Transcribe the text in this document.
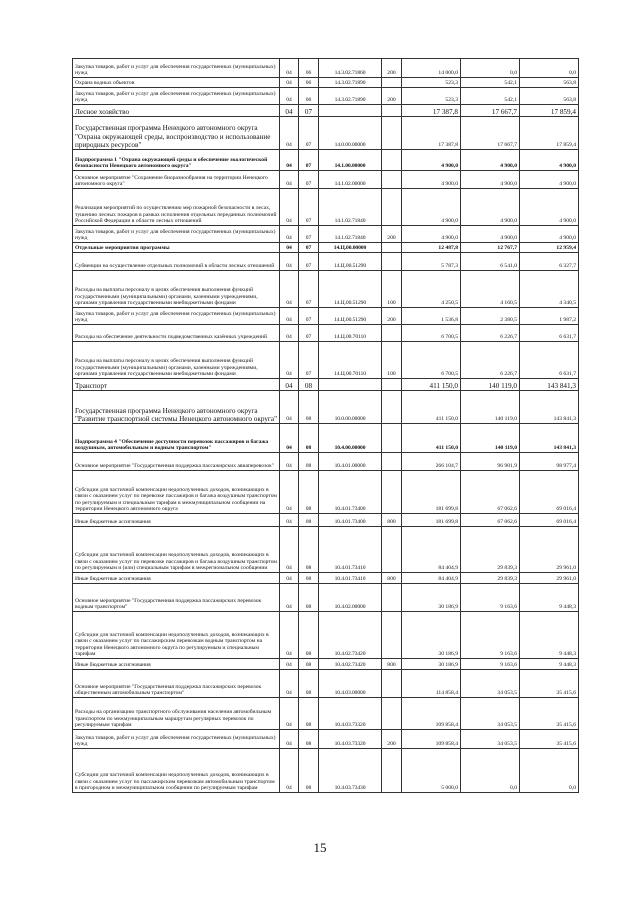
Закупка товаров, работ и услуг для обеспечения государственных (муниципальных) нужд	04	06	14.3.02.71860	200	14 000,0	0,0	0,0
Охрана водных объектов	04	06	14.3.02.71890		523,3	542,1	563,8
Закупка товаров, работ и услуг для обеспечения государственных (муниципальных) нужд	04	06	14.3.02.71890	200	523,3	542,1	563,8
Лесное хозяйство	04	07			17 387,8	17 667,7	17 859,4
Государственная программа Ненецкого автономного округа "Охрана окружающей среды, воспроизводство и использование природных ресурсов"	04	07	14.0.00.00000		17 387,8	17 667,7	17 859,4
Подпрограмма 1 "Охрана окружающей среды и обеспечение экологической безопасности Ненецкого автономного округа"	04	07	14.1.00.00000		4 900,0	4 900,0	4 900,0
Основное мероприятие "Сохранение биоразнообрания на территории Ненецкого автономного округа"	04	07	14.1.02.00000		4 900,0	4 900,0	4 900,0
Реализация мероприятий по осуществлению мер пожарной безопасности в лесах, тушению лесных пожаров в рамках исполнения отдельных переданных полномочий Российской Федерации в области лесных отношений	04	07	14.1.02.71840		4 900,0	4 900,0	4 900,0
Закупка товаров, работ и услуг для обеспечения государственных (муниципальных) нужд	04	07	14.1.02.71840	200	4 900,0	4 900,0	4 900,0
Отдельные мероприятия программы	04	07	14.Ц.00.00000		12 487,8	12 767,7	12 959,4
Субвенции на осуществление отдельных полномочий в области лесных отношений	04	07	14.Ц.00.51290		5 787,3	6 541,0	6 327,7
Расходы на выплаты персоналу в целях обеспечения выполнения функций государственными (муниципальными) органами, казенными учреждениями, органами управления государственными внебюджетными фондами	04	07	14.Ц.00.51290	100	4 250,5	4 160,5	4 340,5
Закупка товаров, работ и услуг для обеспечения государственных (муниципальных) нужд	04	07	14.Ц.00.51290	200	1 536,8	2 380,5	1 987,2
Расходы на обеспечение деятельности подведомственных казённых учреждений	04	07	14.Ц.00.70110		6 700,5	6 226,7	6 631,7
Расходы на выплаты персоналу в целях обеспечения выполнения функций государственными (муниципальными) органами, казенными учреждениями, органами управления государственными внебюджетными фондами	04	07	14.Ц.00.70110	100	6 700,5	6 226,7	6 631,7
Транспорт	04	08			411 150,0	140 119,0	143 841,3
Государственная программа Ненецкого автономного округа "Развитие транспортной системы Ненецкого автономного округа"	04	08	10.0.00.00000		411 150,0	140 119,0	143 841,3
Подпрограмма 4 "Обеспечение доступности перевозок пассажиров и багажа воздушным, автомобильным и водным транспортом"	04	08	10.4.00.00000		411 150,0	140 119,0	143 841,3
Основное мероприятие "Государственная поддержка пассажирских авиаперевозок"	04	08	10.4.01.00000		266 104,7	96 901,9	98 977,4
Субсидии для частичной компенсации недополученных доходов, возникающих в связи с оказанием услуг по перевозке пассажиров и багажа воздушным транспортом по регулируемым и специальным тарифам в межмуниципальном сообщении на территории Ненецкого автономного округа	04	08	10.4.01.73400		181 699,8	67 062,6	69 016,4
Иные бюджетные ассигнования	04	08	10.4.01.73400	800	181 699,8	67 062,6	69 016,4
Субсидии для частичной компенсации недополученных доходов, возникающих в связи с оказанием услуг по перевозке пассажиров и багажа воздушным транспортом по регулируемым и (или) специальным тарифам в межрегиональном сообщении	04	08	10.4.01.73410		84 404,9	29 839,3	29 961,0
Иные бюджетные ассигнования	04	08	10.4.01.73410	800	84 404,9	29 839,3	29 961,0
Основное мероприятие "Государственная поддержка пассажирских перевозок водным транспортом"	04	08	10.4.02.00000		30 186,9	9 163,6	9 448,3
Субсидии для частичной компенсации недополученных доходов, возникающих в связи с оказанием услуг по пассажирским перевозкам водным транспортом на территории Ненецкого автономного округа по регулируемым и специальным тарифам	04	08	10.4.02.73420		30 186,9	9 163,6	9 448,3
Иные бюджетные ассигнования	04	08	10.4.02.73420	800	30 186,9	9 163,6	9 448,3
Основное мероприятие "Государственная поддержка пассажирских перевозок общественным автомобильным транспортом"	04	08	10.4.03.00000		114 858,4	34 053,5	35 415,6
Расходы на организацию транспортного обслуживания населения автомобильным транспортом по межмуниципальным маршрутам регулярных перевозок по регулируемым тарифам	04	08	10.4.03.73320		109 858,4	34 053,5	35 415,6
Закупка товаров, работ и услуг для обеспечения государственных (муниципальных) нужд	04	08	10.4.03.73320	200	109 858,4	34 053,5	35 415,6
Субсидии для частичной компенсации недополученных доходов, возникающих в связи с оказанием услуг по пассажирским перевозкам автомобильным транспортом в пригородном и межмуниципальном сообщении по регулируемым тарифам	04	08	10.4.03.73430		5 000,0	0,0	0,0
15
